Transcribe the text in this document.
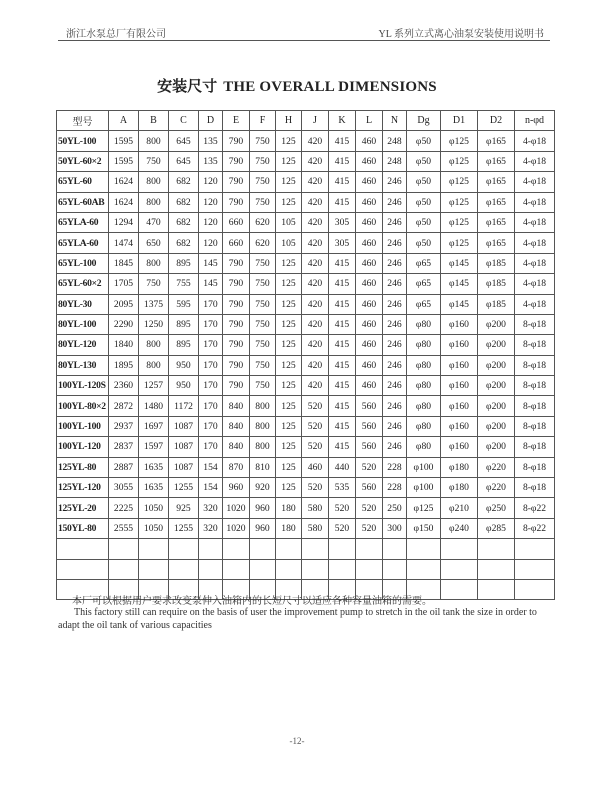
浙江水泵总厂有限公司	YL 系列立式离心油泵安装使用说明书
安装尺寸 THE OVERALL DIMENSIONS
型号	A	B	C	D	E	F	H	J	K	L	N	Dg	D1	D2	n-φd
50YL-100	1595	800	645	135	790	750	125	420	415	460	248	φ50	φ125	φ165	4-φ18
50YL-60×2	1595	750	645	135	790	750	125	420	415	460	248	φ50	φ125	φ165	4-φ18
65YL-60	1624	800	682	120	790	750	125	420	415	460	246	φ50	φ125	φ165	4-φ18
65YL-60AB	1624	800	682	120	790	750	125	420	415	460	246	φ50	φ125	φ165	4-φ18
65YLA-60	1294	470	682	120	660	620	105	420	305	460	246	φ50	φ125	φ165	4-φ18
65YLA-60	1474	650	682	120	660	620	105	420	305	460	246	φ50	φ125	φ165	4-φ18
65YL-100	1845	800	895	145	790	750	125	420	415	460	246	φ65	φ145	φ185	4-φ18
65YL-60×2	1705	750	755	145	790	750	125	420	415	460	246	φ65	φ145	φ185	4-φ18
80YL-30	2095	1375	595	170	790	750	125	420	415	460	246	φ65	φ145	φ185	4-φ18
80YL-100	2290	1250	895	170	790	750	125	420	415	460	246	φ80	φ160	φ200	8-φ18
80YL-120	1840	800	895	170	790	750	125	420	415	460	246	φ80	φ160	φ200	8-φ18
80YL-130	1895	800	950	170	790	750	125	420	415	460	246	φ80	φ160	φ200	8-φ18
100YL-120S	2360	1257	950	170	790	750	125	420	415	460	246	φ80	φ160	φ200	8-φ18
100YL-80×2	2872	1480	1172	170	840	800	125	520	415	560	246	φ80	φ160	φ200	8-φ18
100YL-100	2937	1697	1087	170	840	800	125	520	415	560	246	φ80	φ160	φ200	8-φ18
100YL-120	2837	1597	1087	170	840	800	125	520	415	560	246	φ80	φ160	φ200	8-φ18
125YL-80	2887	1635	1087	154	870	810	125	460	440	520	228	φ100	φ180	φ220	8-φ18
125YL-120	3055	1635	1255	154	960	920	125	520	535	560	228	φ100	φ180	φ220	8-φ18
125YL-20	2225	1050	925	320	1020	960	180	580	520	520	250	φ125	φ210	φ250	8-φ22
150YL-80	2555	1050	1255	320	1020	960	180	580	520	520	300	φ150	φ240	φ285	8-φ22

本厂可以根据用户要求改变泵伸入油箱内的长短尺寸以适应各种容量油箱的需要。
This factory still can require on the basis of user the improvement pump to stretch in the oil tank the size in order to adapt the oil tank of various capacities
-12-
